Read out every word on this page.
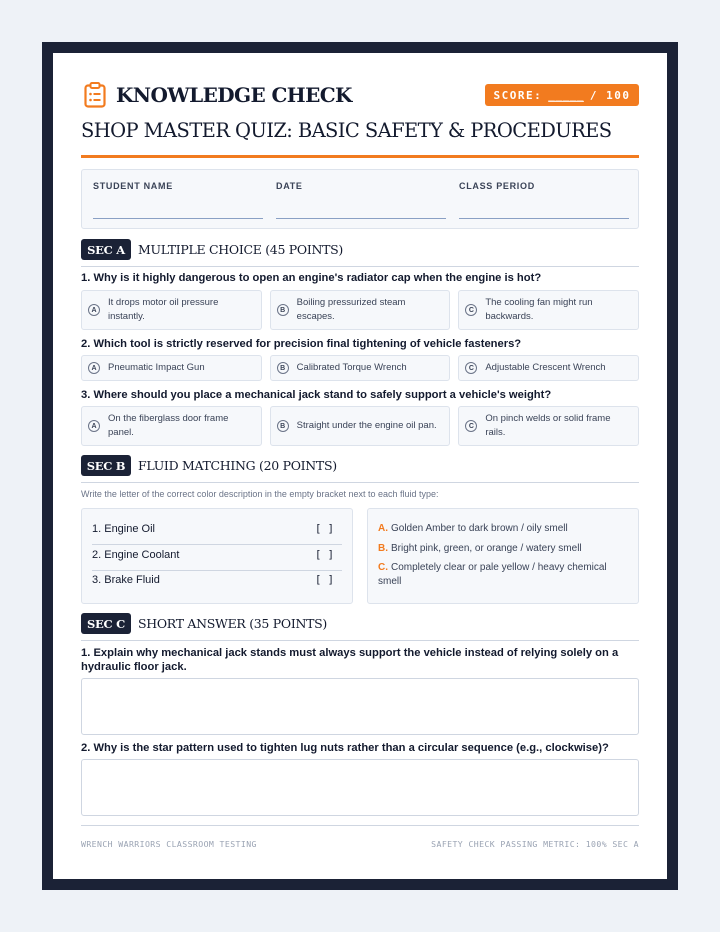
KNOWLEDGE CHECK	SCORE: _____ / 100
SHOP MASTER QUIZ: BASIC SAFETY & PROCEDURES
STUDENT NAME	DATE	CLASS PERIOD
SEC A	MULTIPLE CHOICE (45 POINTS)
1. Why is it highly dangerous to open an engine's radiator cap when the engine is hot?
A
It drops motor oil pressure instantly.
B
Boiling pressurized steam escapes.
C
The cooling fan might run backwards.
2. Which tool is strictly reserved for precision final tightening of vehicle fasteners?
A	Pneumatic Impact Gun	B	Calibrated Torque Wrench	C	Adjustable Crescent Wrench
3. Where should you place a mechanical jack stand to safely support a vehicle's weight?
A
On the fiberglass door frame panel.
B	Straight under the engine oil pan.	C
On pinch welds or solid frame rails.
SEC B	FLUID MATCHING (20 POINTS)
Write the letter of the correct color description in the empty bracket next to each fluid type:
1. Engine Oil	[ ]
2. Engine Coolant	[ ]
3. Brake Fluid	[ ]
A. Golden Amber to dark brown / oily smell
B. Bright pink, green, or orange / watery smell
C. Completely clear or pale yellow / heavy chemical smell
SEC C	SHORT ANSWER (35 POINTS)
1. Explain why mechanical jack stands must always support the vehicle instead of relying solely on a hydraulic floor jack.
2. Why is the star pattern used to tighten lug nuts rather than a circular sequence (e.g., clockwise)?
WRENCH WARRIORS CLASSROOM TESTING	SAFETY CHECK PASSING METRIC: 100% SEC A
